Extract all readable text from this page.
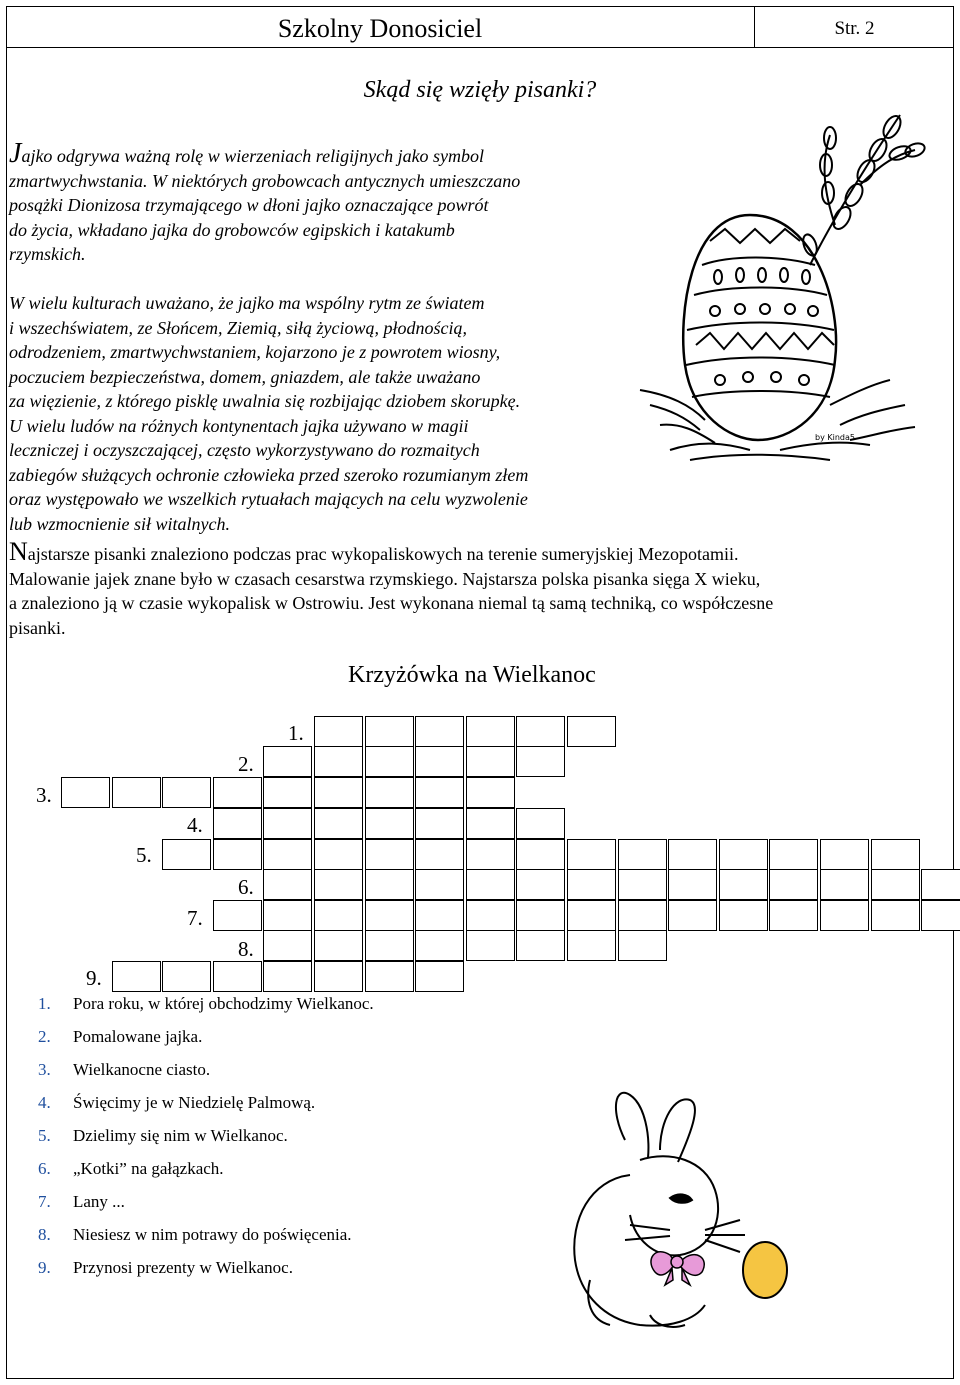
Szkolny Donosiciel	Str. 2
Skąd się wzięły pisanki?
Jajko odgrywa ważną rolę w wierzeniach religijnych jako symbol
zmartwychwstania. W niektórych grobowcach antycznych umieszczano
posążki Dionizosa trzymającego w dłoni jajko oznaczające powrót
do życia, wkładano jajka do grobowców egipskich i katakumb
rzymskich.
W wielu kulturach uważano, że jajko ma wspólny rytm ze światem
i wszechświatem, ze Słońcem, Ziemią, siłą życiową, płodnością,
odrodzeniem, zmartwychwstaniem, kojarzono je z powrotem wiosny,
poczuciem bezpieczeństwa, domem, gniazdem, ale także uważano
za więzienie, z którego pisklę uwalnia się rozbijając dziobem skorupkę.
U wielu ludów na różnych kontynentach jajka używano w magii
leczniczej i oczyszczającej, często wykorzystywano do rozmaitych
zabiegów służących ochronie człowieka przed szeroko rozumianym złem
oraz występowało we wszelkich rytuałach mających na celu wyzwolenie
lub wzmocnienie sił witalnych.
Najstarsze pisanki znaleziono podczas prac wykopaliskowych na terenie sumeryjskiej Mezopotamii.
Malowanie jajek znane było w czasach cesarstwa rzymskiego. Najstarsza polska pisanka sięga X wieku,
a znaleziono ją w czasie wykopalisk w Ostrowiu. Jest wykonana niemal tą samą techniką, co współczesne
pisanki.
by Kinda5
Krzyżówka na Wielkanoc
1.
2.
3.
4.
5.
6.
7.
8.
9.
1. Pora roku, w której obchodzimy Wielkanoc.
2. Pomalowane jajka.
3. Wielkanocne ciasto.
4. Święcimy je w Niedzielę Palmową.
5. Dzielimy się nim w Wielkanoc.
6. „Kotki” na gałązkach.
7. Lany ...
8. Niesiesz w nim potrawy do poświęcenia.
9. Przynosi prezenty w Wielkanoc.
